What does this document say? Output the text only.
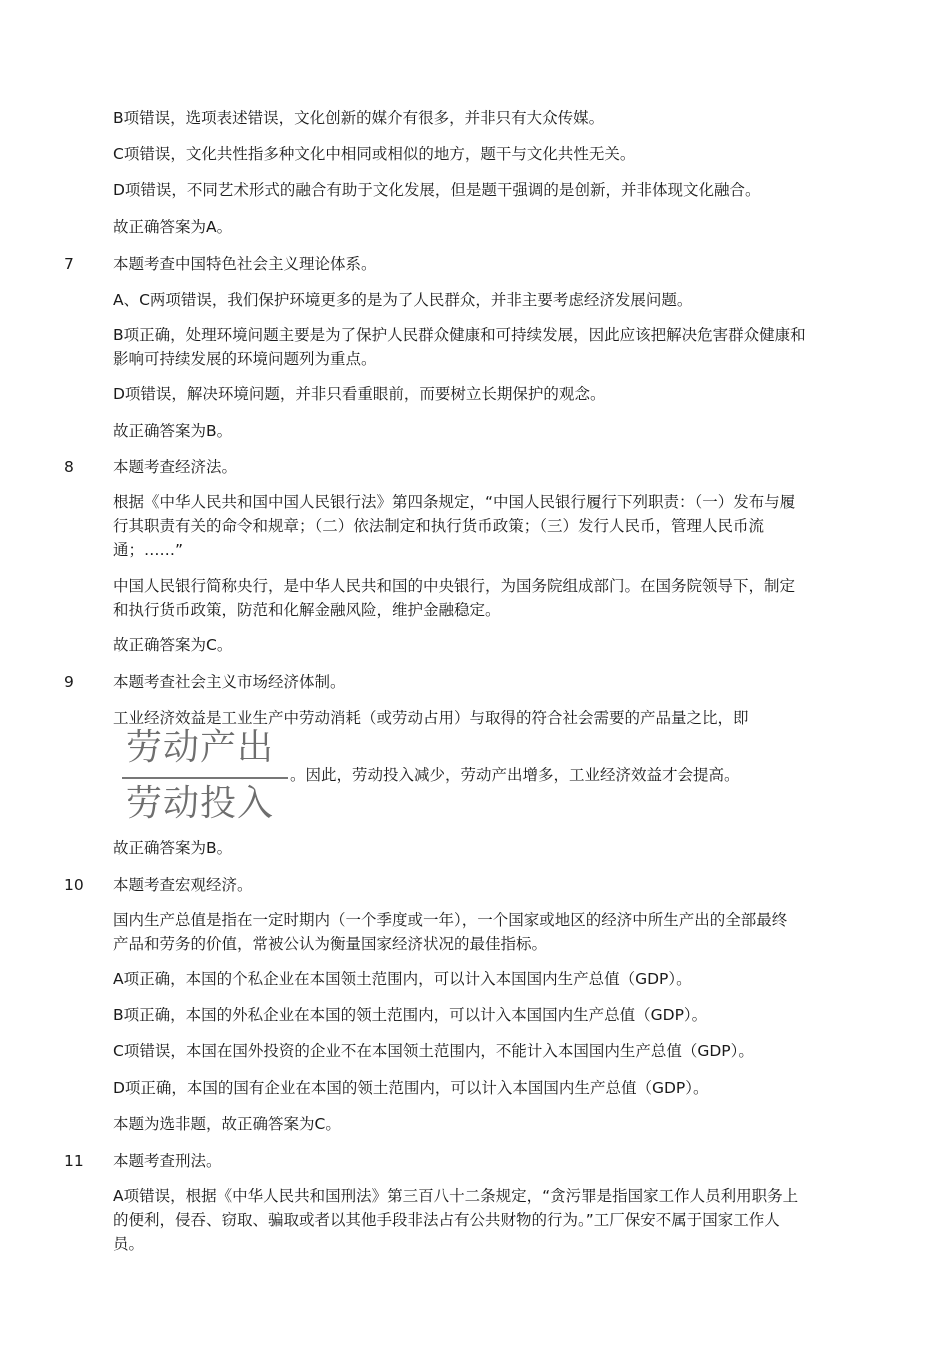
B项错误，选项表述错误，文化创新的媒介有很多，并非只有大众传媒。

C项错误，文化共性指多种文化中相同或相似的地方，题干与文化共性无关。

D项错误，不同艺术形式的融合有助于文化发展，但是题干强调的是创新，并非体现文化融合。

故正确答案为A。

7	本题考查中国特色社会主义理论体系。

A、C两项错误，我们保护环境更多的是为了人民群众，并非主要考虑经济发展问题。

B项正确，处理环境问题主要是为了保护人民群众健康和可持续发展，因此应该把解决危害群众健康和
影响可持续发展的环境问题列为重点。

D项错误，解决环境问题，并非只看重眼前，而要树立长期保护的观念。

故正确答案为B。

8	本题考查经济法。

根据《中华人民共和国中国人民银行法》第四条规定，“中国人民银行履行下列职责：（一）发布与履
行其职责有关的命令和规章；（二）依法制定和执行货币政策；（三）发行人民币，管理人民币流
通；……”

中国人民银行简称央行，是中华人民共和国的中央银行，为国务院组成部门。在国务院领导下，制定
和执行货币政策，防范和化解金融风险，维护金融稳定。

故正确答案为C。

9	本题考查社会主义市场经济体制。

工业经济效益是工业生产中劳动消耗（或劳动占用）与取得的符合社会需要的产品量之比，即

劳动产出
劳动投入
。因此，劳动投入减少，劳动产出增多，工业经济效益才会提高。

故正确答案为B。

10 本题考查宏观经济。

国内生产总值是指在一定时期内（一个季度或一年），一个国家或地区的经济中所生产出的全部最终
产品和劳务的价值，常被公认为衡量国家经济状况的最佳指标。

A项正确，本国的个私企业在本国领土范围内，可以计入本国国内生产总值（GDP）。

B项正确，本国的外私企业在本国的领土范围内，可以计入本国国内生产总值（GDP）。

C项错误，本国在国外投资的企业不在本国领土范围内，不能计入本国国内生产总值（GDP）。

D项正确，本国的国有企业在本国的领土范围内，可以计入本国国内生产总值（GDP）。

本题为选非题，故正确答案为C。

11 本题考查刑法。

A项错误，根据《中华人民共和国刑法》第三百八十二条规定，“贪污罪是指国家工作人员利用职务上
的便利，侵吞、窃取、骗取或者以其他手段非法占有公共财物的行为。”工厂保安不属于国家工作人
员。
